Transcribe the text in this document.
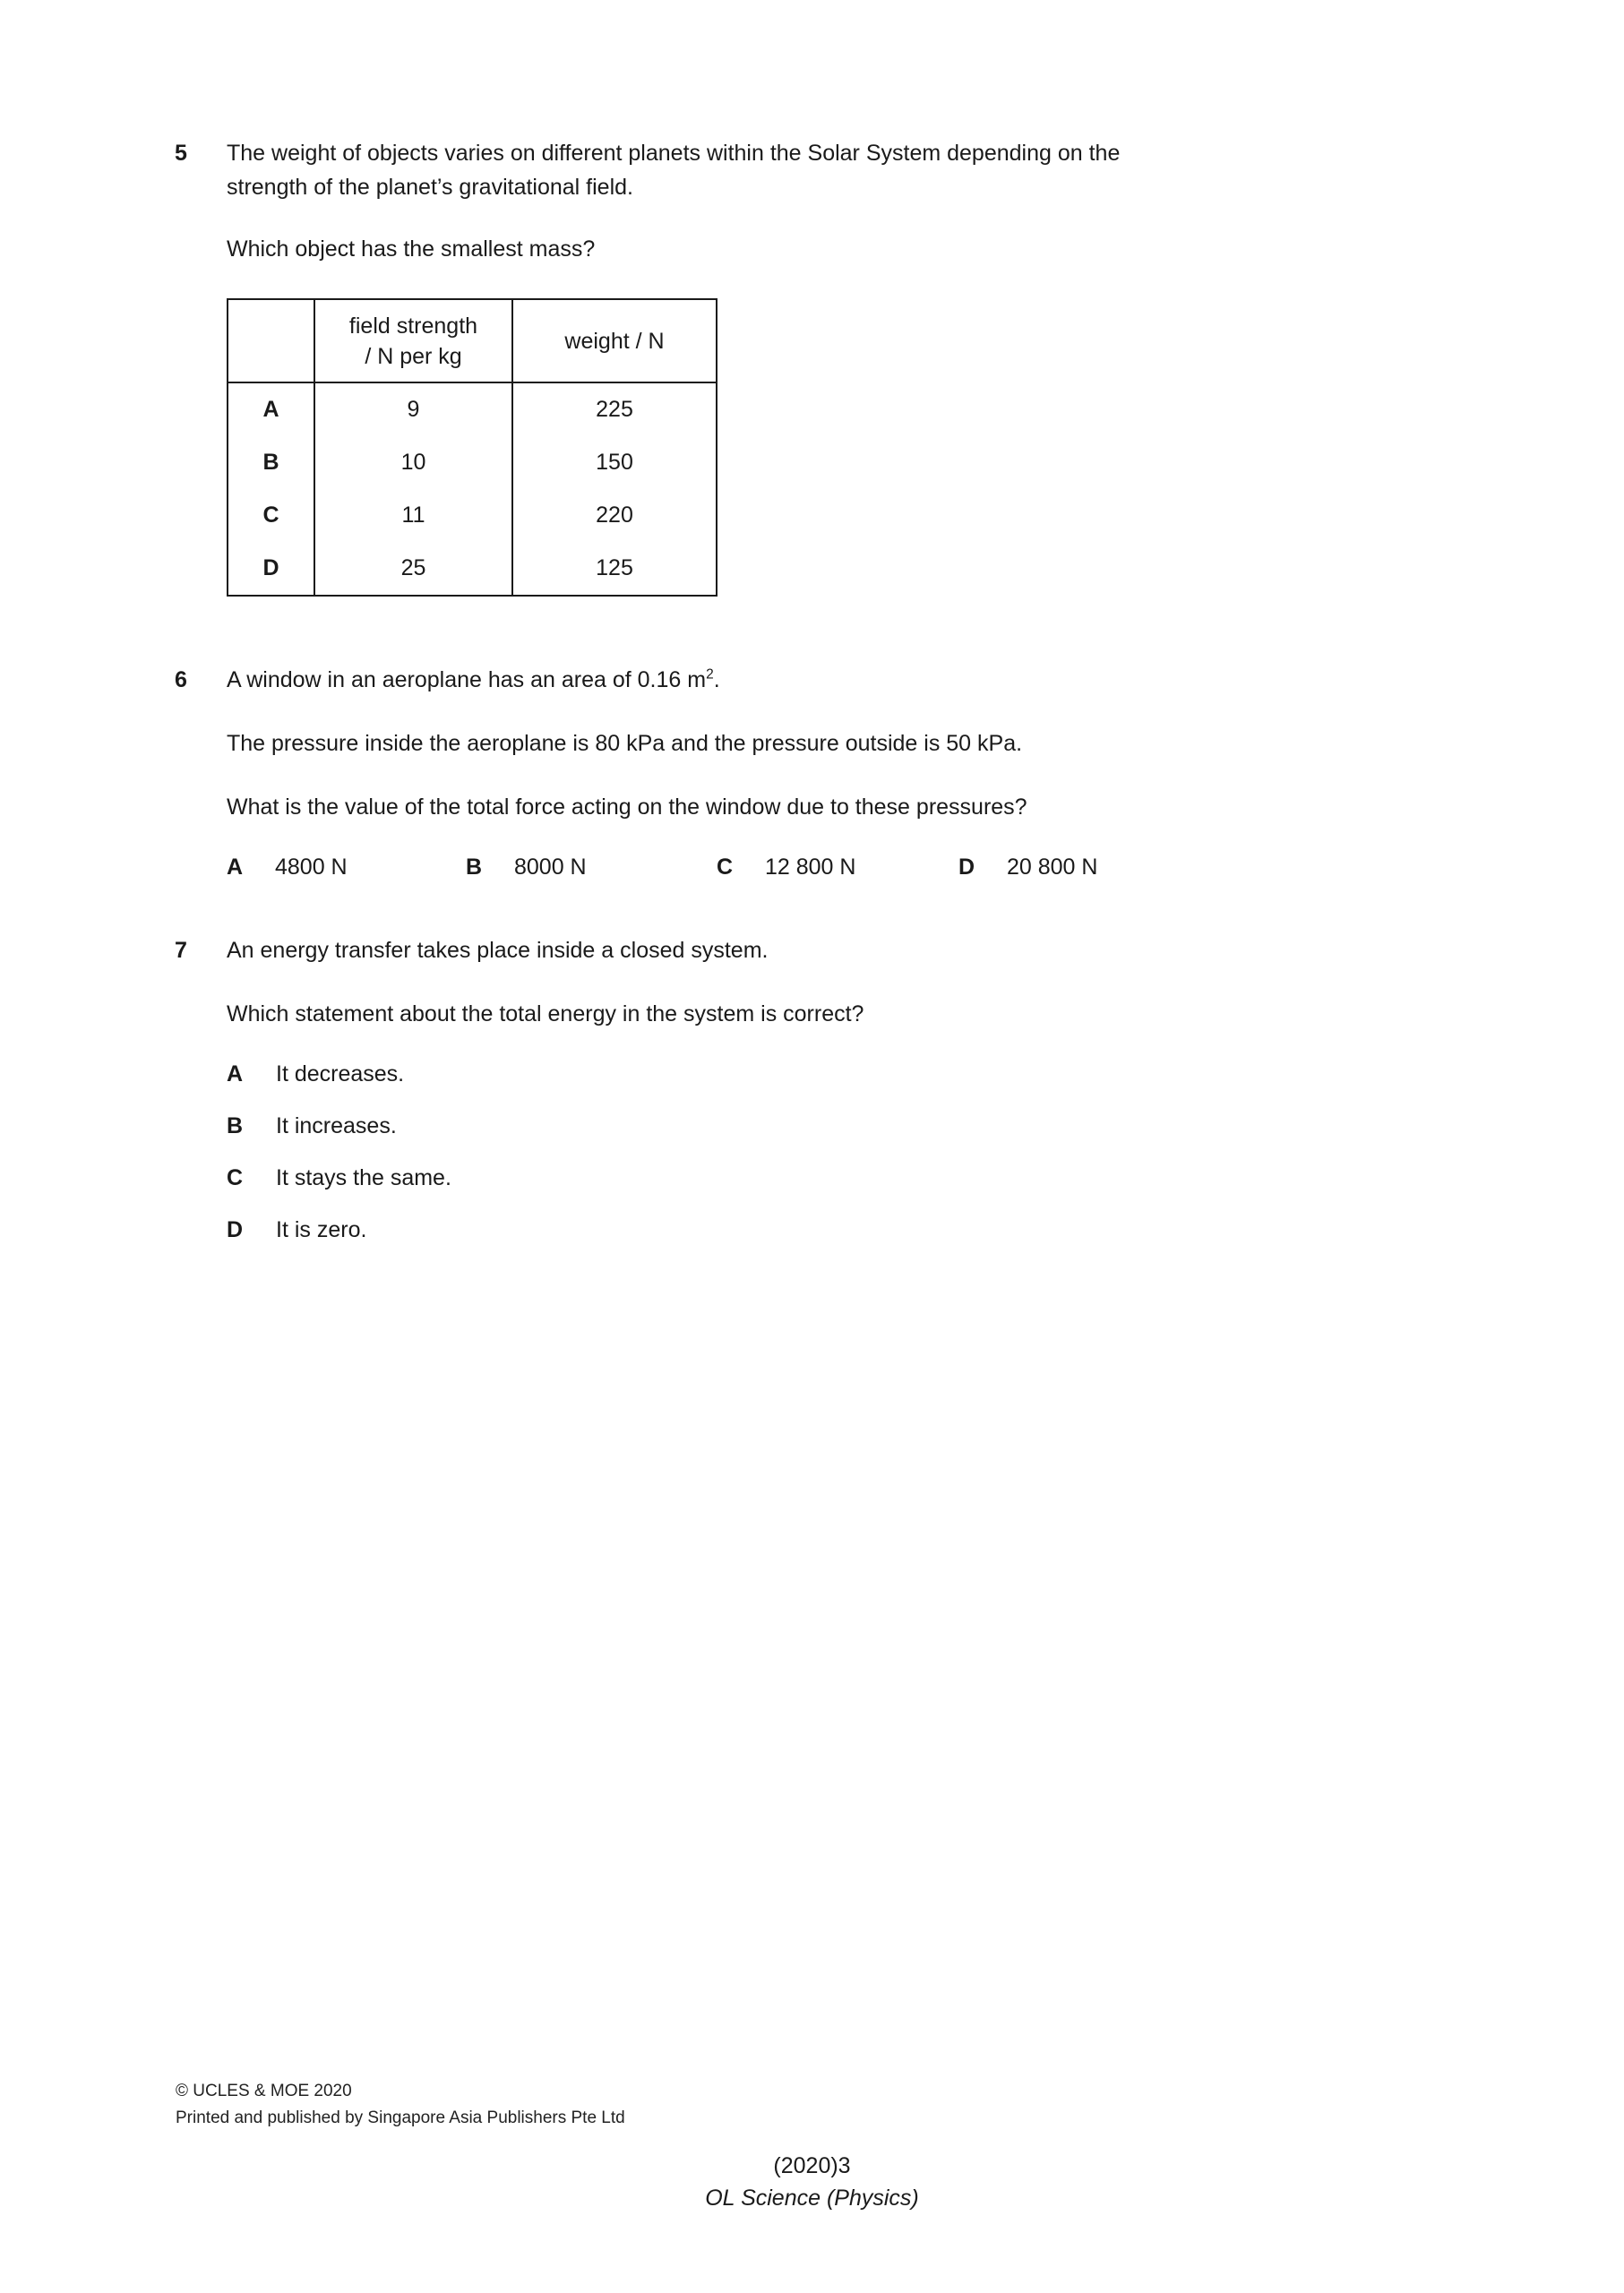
5	The weight of objects varies on different planets within the Solar System depending on the
strength of the planet’s gravitational field.
Which object has the smallest mass?

	field strength
/ N per kg	weight / N
A	9	225
B	10	150
C	11	220
D	25	125
6	A window in an aeroplane has an area of 0.16 $m^2$.
The pressure inside the aeroplane is 80 kPa and the pressure outside is 50 kPa.
What is the value of the total force acting on the window due to these pressures?
A 4800 N	B 8000 N	C 12 800 N	D 20 800 N
7	An energy transfer takes place inside a closed system.
Which statement about the total energy in the system is correct?
A It decreases.
B It increases.
C It stays the same.
D It is zero.
© UCLES & MOE 2020
Printed and published by Singapore Asia Publishers Pte Ltd
(2020)3
OL Science (Physics)
